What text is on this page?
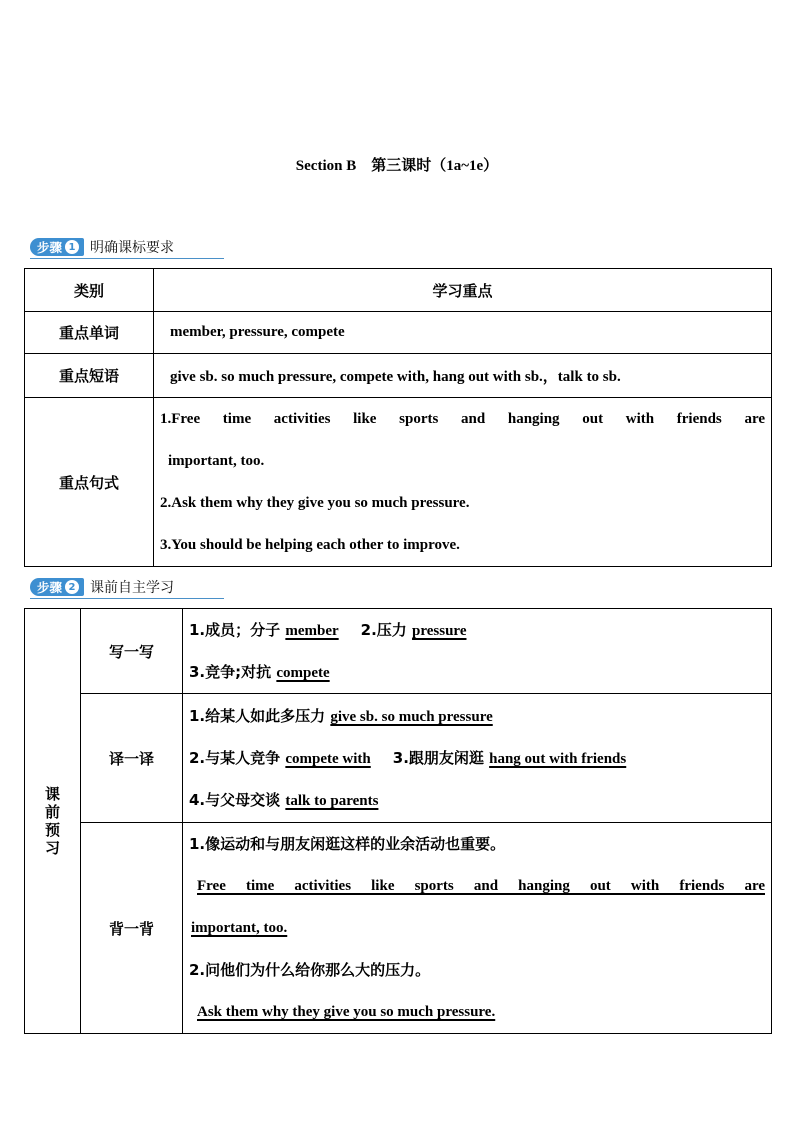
Section B　第三课时（1a~1e）
步骤 1 明确课标要求
类别	学习重点
重点单词	member, pressure, compete
重点短语	give sb. so much pressure, compete with, hang out with sb.，talk to sb.
重点句式	1.Free time activities like sports and hanging out with friends are
important, too.
2.Ask them why they give you so much pressure.
3.You should be helping each other to improve.
步骤 2 课前自主学习
课前预习	写一写	1.成员；分子 member 2.压力 pressure
3.竞争;对抗 compete

	译一译	1.给某人如此多压力 give sb. so much pressure
2.与某人竞争 compete with 3.跟朋友闲逛 hang out with friends
4.与父母交谈 talk to parents

	背一背	1.像运动和与朋友闲逛这样的业余活动也重要。
Free time activities like sports and hanging out with friends are
important, too.
2.问他们为什么给你那么大的压力。
Ask them why they give you so much pressure.
